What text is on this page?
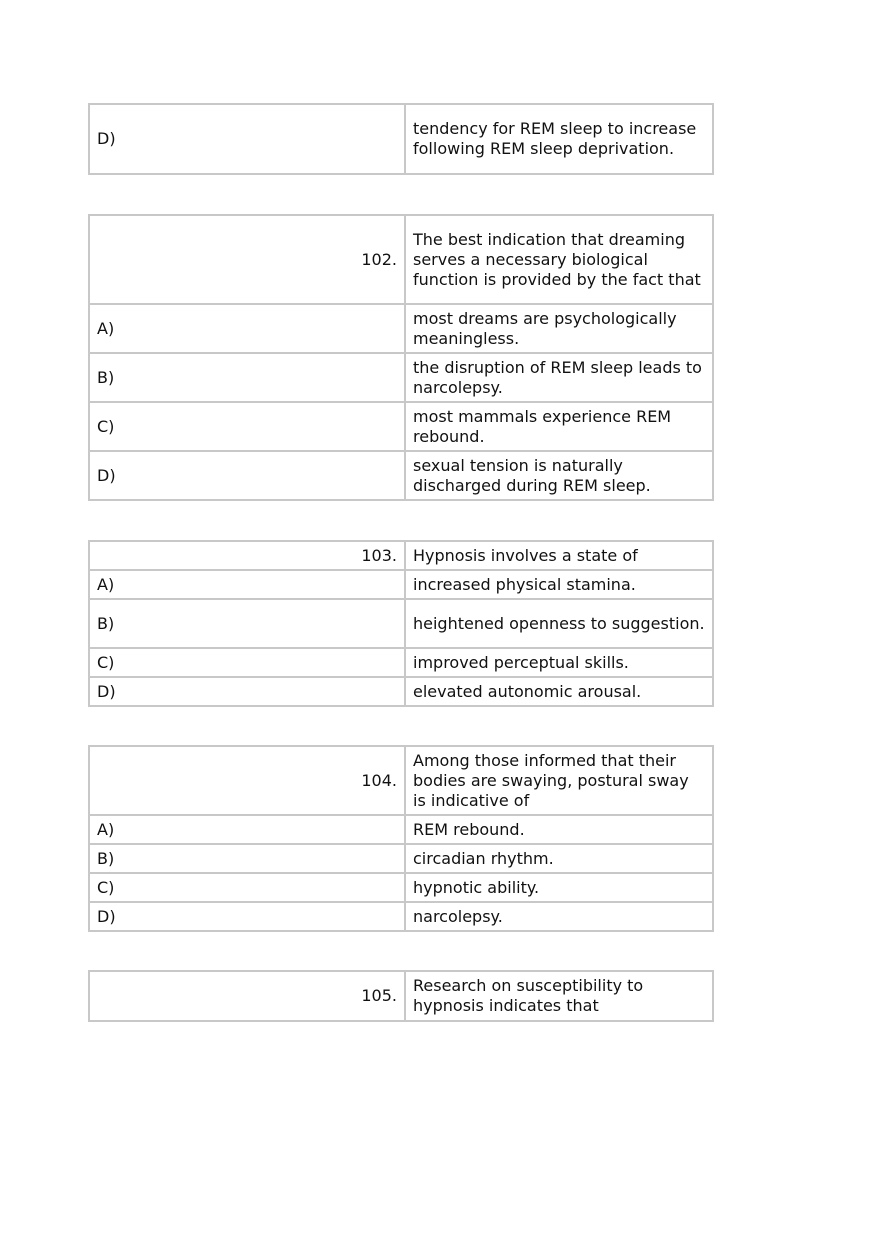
D)	tendency for REM sleep to increase following REM sleep deprivation.
102.	The best indication that dreaming serves a necessary biological function is provided by the fact that
A)	most dreams are psychologically meaningless.
B)	the disruption of REM sleep leads to narcolepsy.
C)	most mammals experience REM rebound.
D)	sexual tension is naturally discharged during REM sleep.
103.	Hypnosis involves a state of
A)	increased physical stamina.
B)	heightened openness to suggestion.
C)	improved perceptual skills.
D)	elevated autonomic arousal.
104.	Among those informed that their bodies are swaying, postural sway is indicative of
A)	REM rebound.
B)	circadian rhythm.
C)	hypnotic ability.
D)	narcolepsy.
105.	Research on susceptibility to hypnosis indicates that
